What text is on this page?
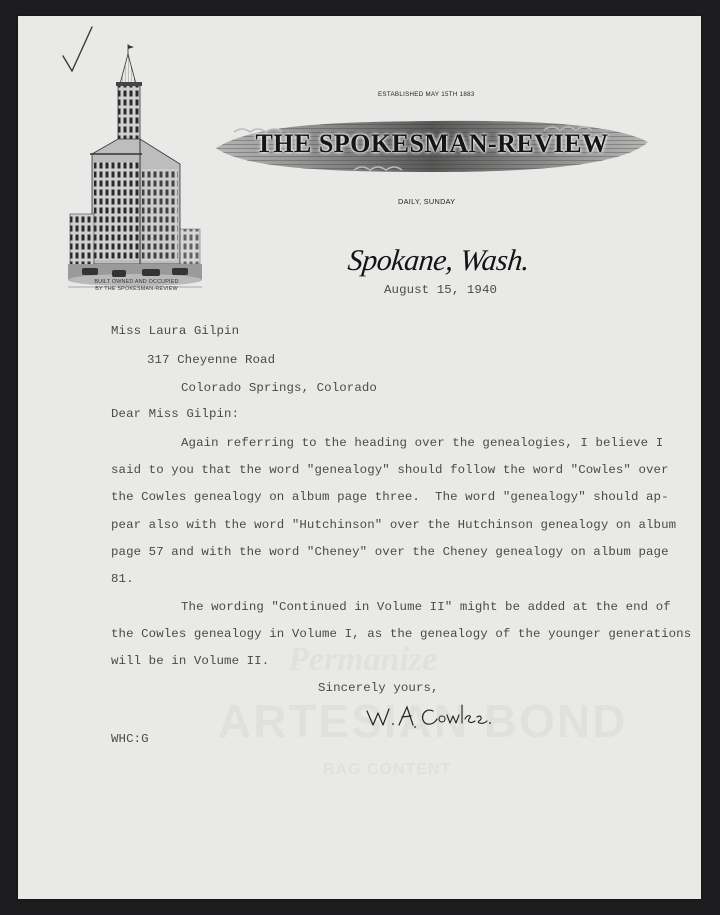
BUILT OWNED AND OCCUPIED
BY THE SPOKESMAN-REVIEW
ESTABLISHED MAY 15TH 1883
THE SPOKESMAN-REVIEW
DAILY, SUNDAY
Spokane, Wash.
August 15, 1940
Miss Laura Gilpin
317 Cheyenne Road
Colorado Springs, Colorado
Dear Miss Gilpin:
Again referring to the heading over the genealogies, I believe I
said to you that the word "genealogy" should follow the word "Cowles" over
the Cowles genealogy on album page three.  The word "genealogy" should ap-
pear also with the word "Hutchinson" over the Hutchinson genealogy on album
page 57 and with the word "Cheney" over the Cheney genealogy on album page
81.
The wording "Continued in Volume II" might be added at the end of
the Cowles genealogy in Volume I, as the genealogy of the younger generations
will be in Volume II.
Sincerely yours,
WHC:G
